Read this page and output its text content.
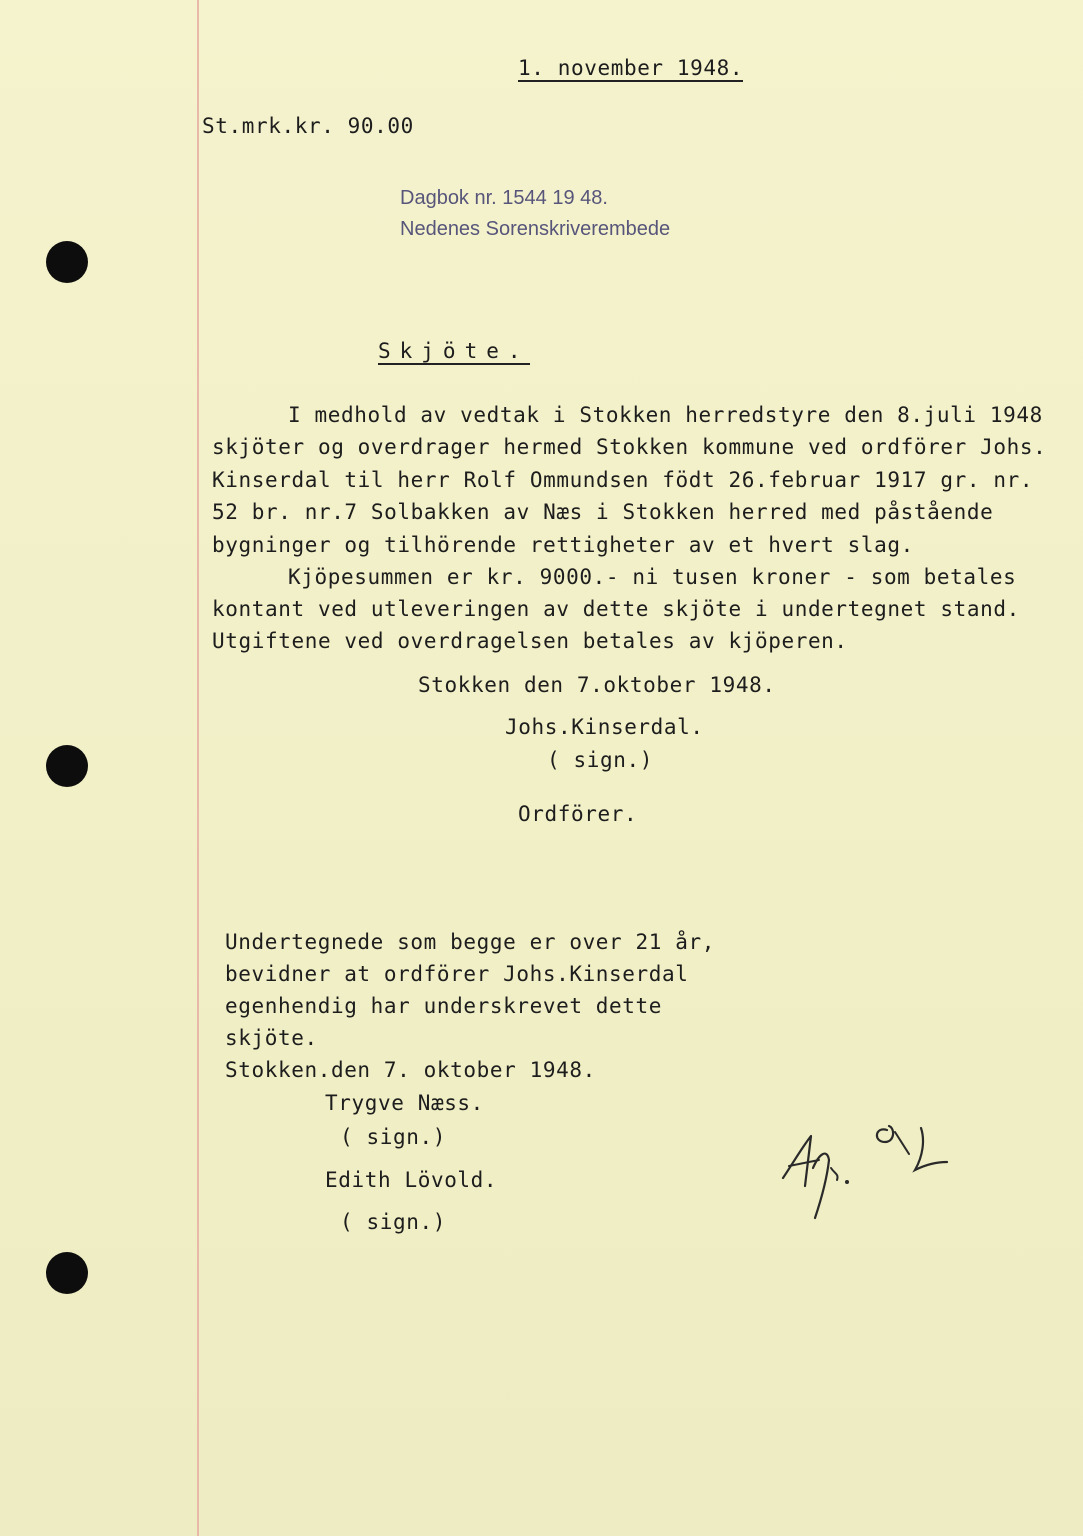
1. november 1948.
St.mrk.kr. 90.00
Dagbok nr. 1544 19 48.
Nedenes Sorenskriverembede
Skjöte.
I medhold av vedtak i Stokken herredstyre den 8.juli 1948
skjöter og overdrager hermed Stokken kommune ved ordförer Johs.
Kinserdal til herr Rolf Ommundsen födt 26.februar 1917 gr. nr.
52 br. nr.7 Solbakken av Næs i Stokken herred med påstående
bygninger og tilhörende rettigheter av et hvert slag.
Kjöpesummen er kr. 9000.- ni tusen kroner - som betales
kontant ved utleveringen av dette skjöte i undertegnet stand.
Utgiftene ved overdragelsen betales av kjöperen.
Stokken den 7.oktober 1948.
Johs.Kinserdal.
( sign.)
Ordförer.
Undertegnede som begge er over 21 år,
bevidner at ordförer Johs.Kinserdal
egenhendig har underskrevet dette
skjöte.
Stokken.den 7. oktober 1948.
Trygve Næss.
( sign.)
Edith Lövold.
( sign.)
